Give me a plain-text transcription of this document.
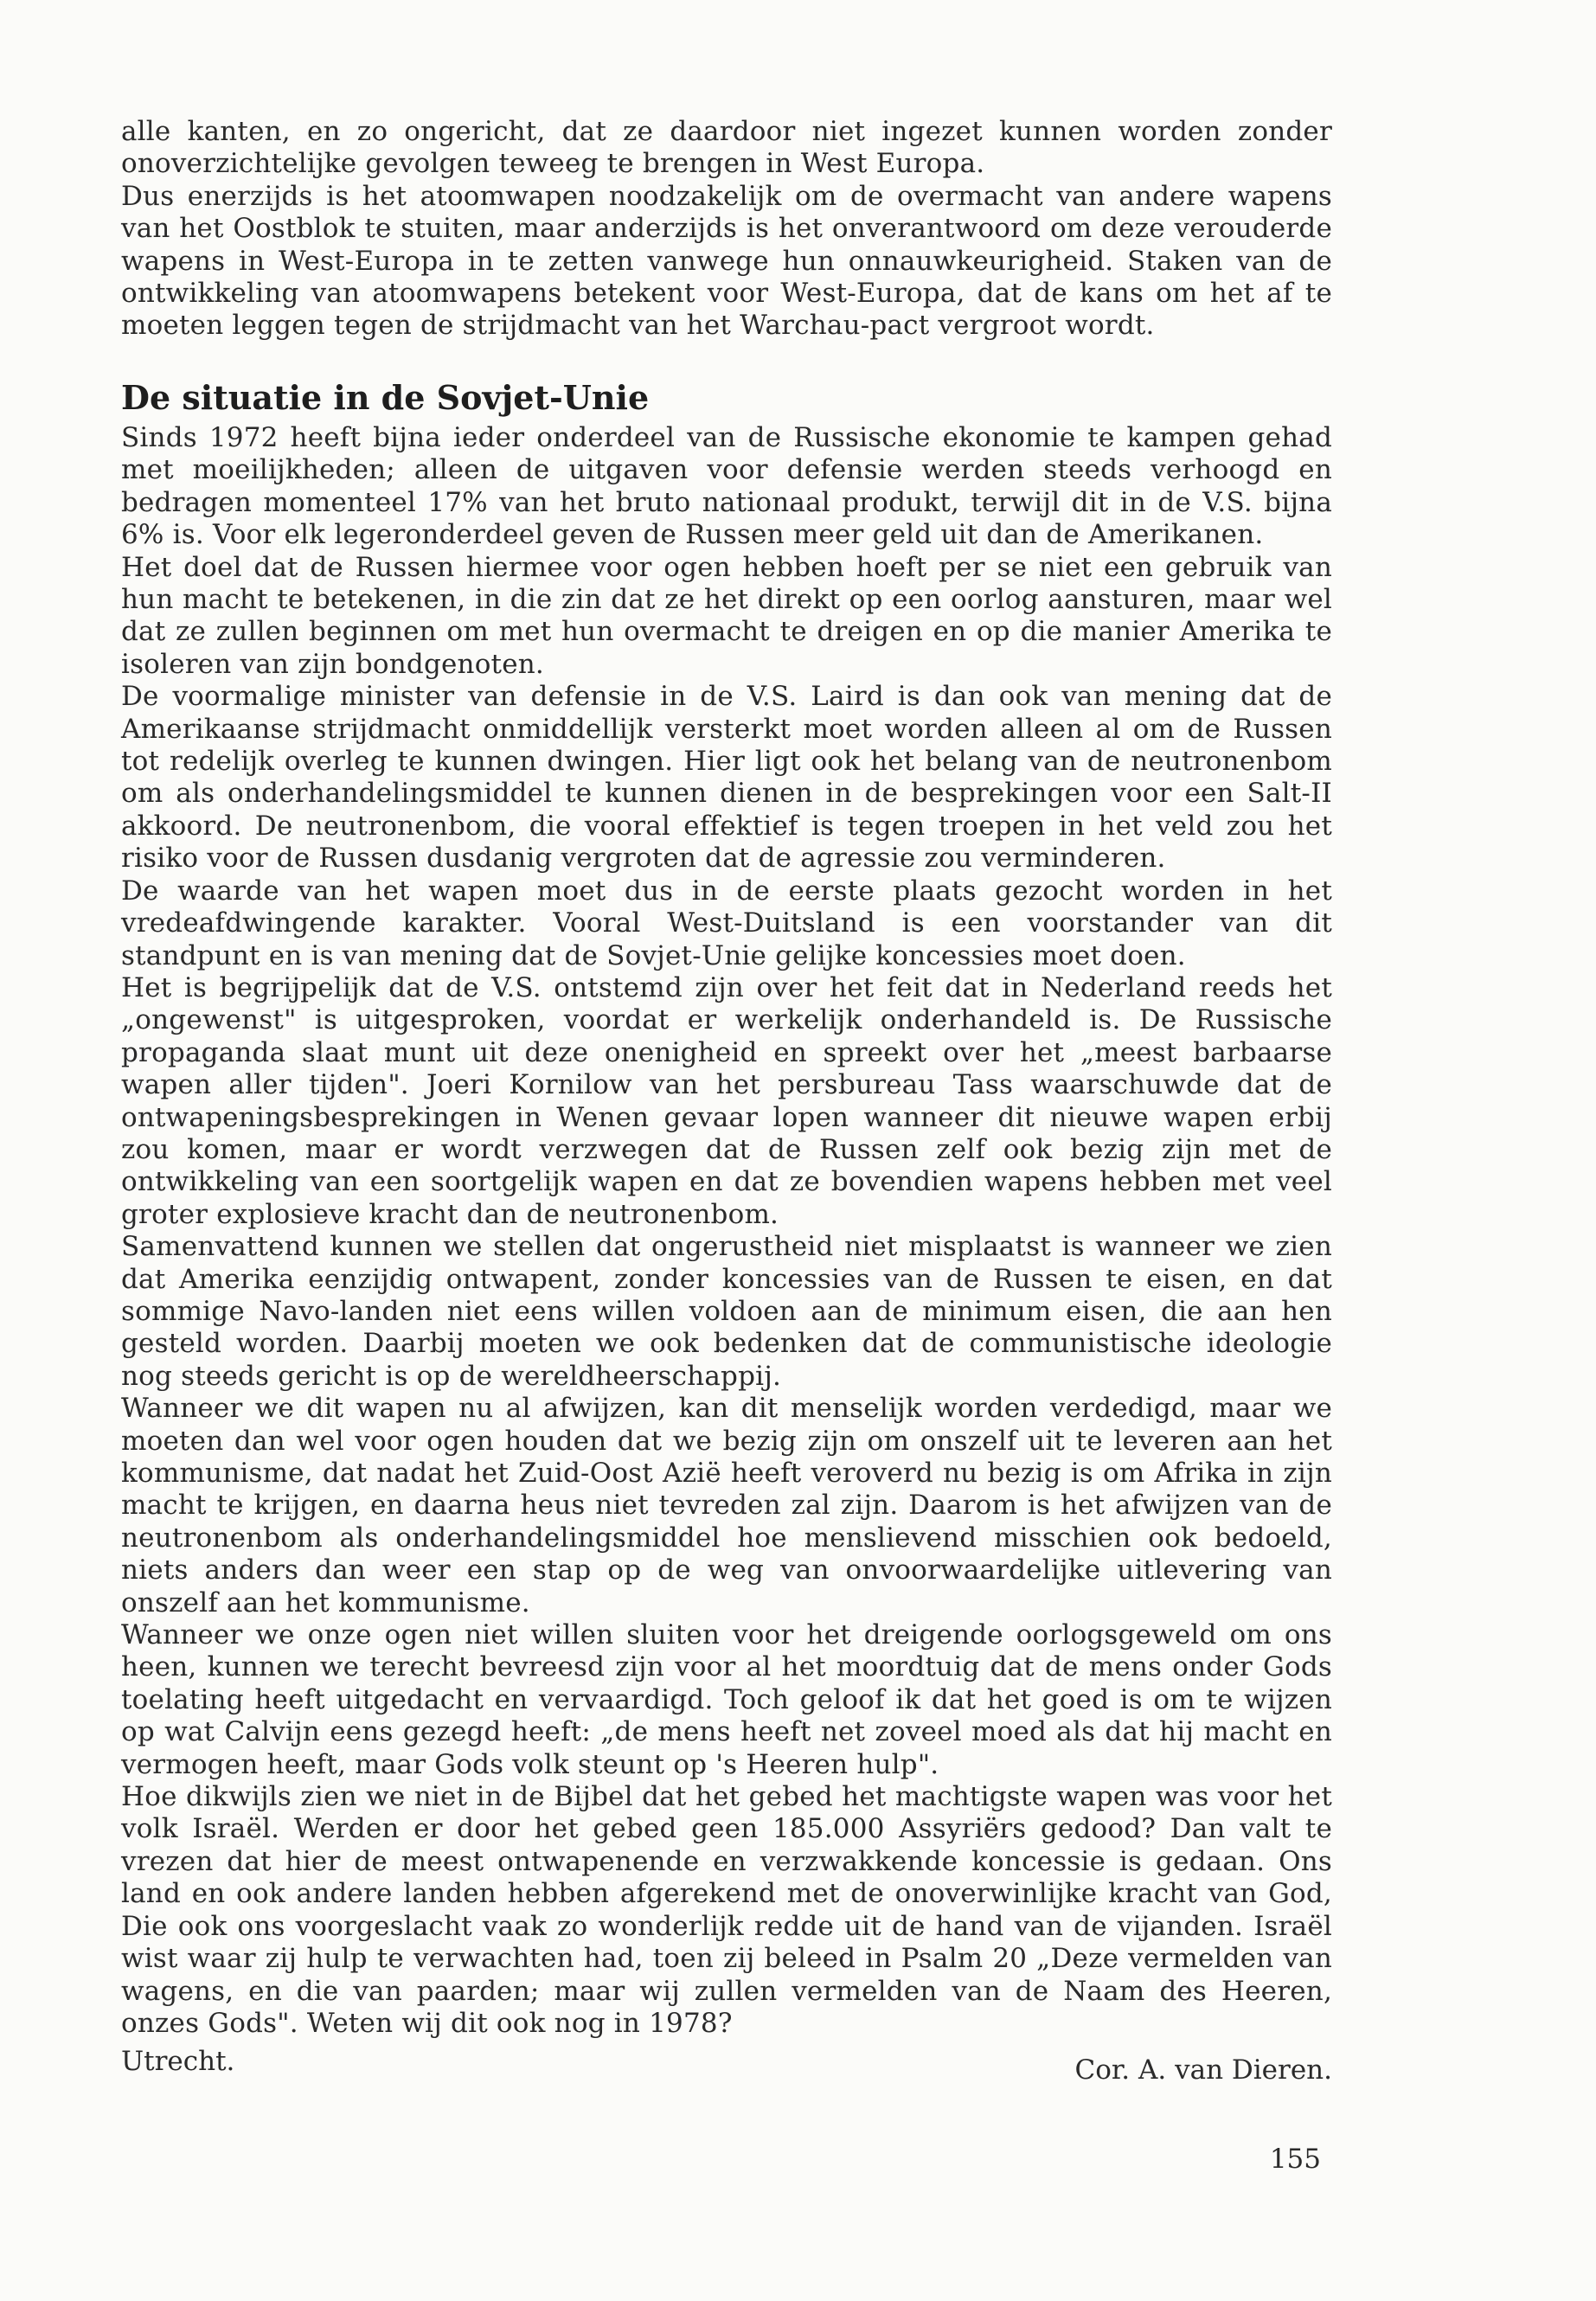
alle kanten, en zo ongericht, dat ze daardoor niet ingezet kunnen worden zonder onoverzichtelijke gevolgen teweeg te brengen in West Europa.

Dus enerzijds is het atoomwapen noodzakelijk om de overmacht van andere wapens van het Oostblok te stuiten, maar anderzijds is het onverantwoord om deze verouderde wapens in West-Europa in te zetten vanwege hun onnauwkeurigheid. Staken van de ontwikkeling van atoomwapens betekent voor West-Europa, dat de kans om het af te moeten leggen tegen de strijdmacht van het Warchau-pact vergroot wordt.

De situatie in de Sovjet-Unie

Sinds 1972 heeft bijna ieder onderdeel van de Russische ekonomie te kampen gehad met moeilijkheden; alleen de uitgaven voor defensie werden steeds verhoogd en bedragen momenteel 17% van het bruto nationaal produkt, terwijl dit in de V.S. bijna 6% is. Voor elk legeronderdeel geven de Russen meer geld uit dan de Amerikanen.

Het doel dat de Russen hiermee voor ogen hebben hoeft per se niet een gebruik van hun macht te betekenen, in die zin dat ze het direkt op een oorlog aansturen, maar wel dat ze zullen beginnen om met hun overmacht te dreigen en op die manier Amerika te isoleren van zijn bondgenoten.

De voormalige minister van defensie in de V.S. Laird is dan ook van mening dat de Amerikaanse strijdmacht onmiddellijk versterkt moet worden alleen al om de Russen tot redelijk overleg te kunnen dwingen. Hier ligt ook het belang van de neutronenbom om als onderhandelingsmiddel te kunnen dienen in de besprekingen voor een Salt-II akkoord. De neutronenbom, die vooral effektief is tegen troepen in het veld zou het risiko voor de Russen dusdanig vergroten dat de agressie zou verminderen.

De waarde van het wapen moet dus in de eerste plaats gezocht worden in het vredeafdwingende karakter. Vooral West-Duitsland is een voorstander van dit standpunt en is van mening dat de Sovjet-Unie gelijke koncessies moet doen.

Het is begrijpelijk dat de V.S. ontstemd zijn over het feit dat in Nederland reeds het „ongewenst" is uitgesproken, voordat er werkelijk onderhandeld is. De Russische propaganda slaat munt uit deze onenigheid en spreekt over het „meest barbaarse wapen aller tijden". Joeri Kornilow van het persbureau Tass waarschuwde dat de ontwapeningsbesprekingen in Wenen gevaar lopen wanneer dit nieuwe wapen erbij zou komen, maar er wordt verzwegen dat de Russen zelf ook bezig zijn met de ontwikkeling van een soortgelijk wapen en dat ze bovendien wapens hebben met veel groter explosieve kracht dan de neutronenbom.

Samenvattend kunnen we stellen dat ongerustheid niet misplaatst is wanneer we zien dat Amerika eenzijdig ontwapent, zonder koncessies van de Russen te eisen, en dat sommige Navo-landen niet eens willen voldoen aan de minimum eisen, die aan hen gesteld worden. Daarbij moeten we ook bedenken dat de communistische ideologie nog steeds gericht is op de wereldheerschappij.

Wanneer we dit wapen nu al afwijzen, kan dit menselijk worden verdedigd, maar we moeten dan wel voor ogen houden dat we bezig zijn om onszelf uit te leveren aan het kommunisme, dat nadat het Zuid-Oost Azië heeft veroverd nu bezig is om Afrika in zijn macht te krijgen, en daarna heus niet tevreden zal zijn. Daarom is het afwijzen van de neutronenbom als onderhandelingsmiddel hoe menslievend misschien ook bedoeld, niets anders dan weer een stap op de weg van onvoorwaardelijke uitlevering van onszelf aan het kommunisme.

Wanneer we onze ogen niet willen sluiten voor het dreigende oorlogsgeweld om ons heen, kunnen we terecht bevreesd zijn voor al het moordtuig dat de mens onder Gods toelating heeft uitgedacht en vervaardigd. Toch geloof ik dat het goed is om te wijzen op wat Calvijn eens gezegd heeft: „de mens heeft net zoveel moed als dat hij macht en vermogen heeft, maar Gods volk steunt op 's Heeren hulp".

Hoe dikwijls zien we niet in de Bijbel dat het gebed het machtigste wapen was voor het volk Israël. Werden er door het gebed geen 185.000 Assyriërs gedood? Dan valt te vrezen dat hier de meest ontwapenende en verzwakkende koncessie is gedaan. Ons land en ook andere landen hebben afgerekend met de onoverwinlijke kracht van God, Die ook ons voorgeslacht vaak zo wonderlijk redde uit de hand van de vijanden. Israël wist waar zij hulp te verwachten had, toen zij beleed in Psalm 20 „Deze vermelden van wagens, en die van paarden; maar wij zullen vermelden van de Naam des Heeren, onzes Gods". Weten wij dit ook nog in 1978?

Utrecht.	Cor. A. van Dieren.
155
